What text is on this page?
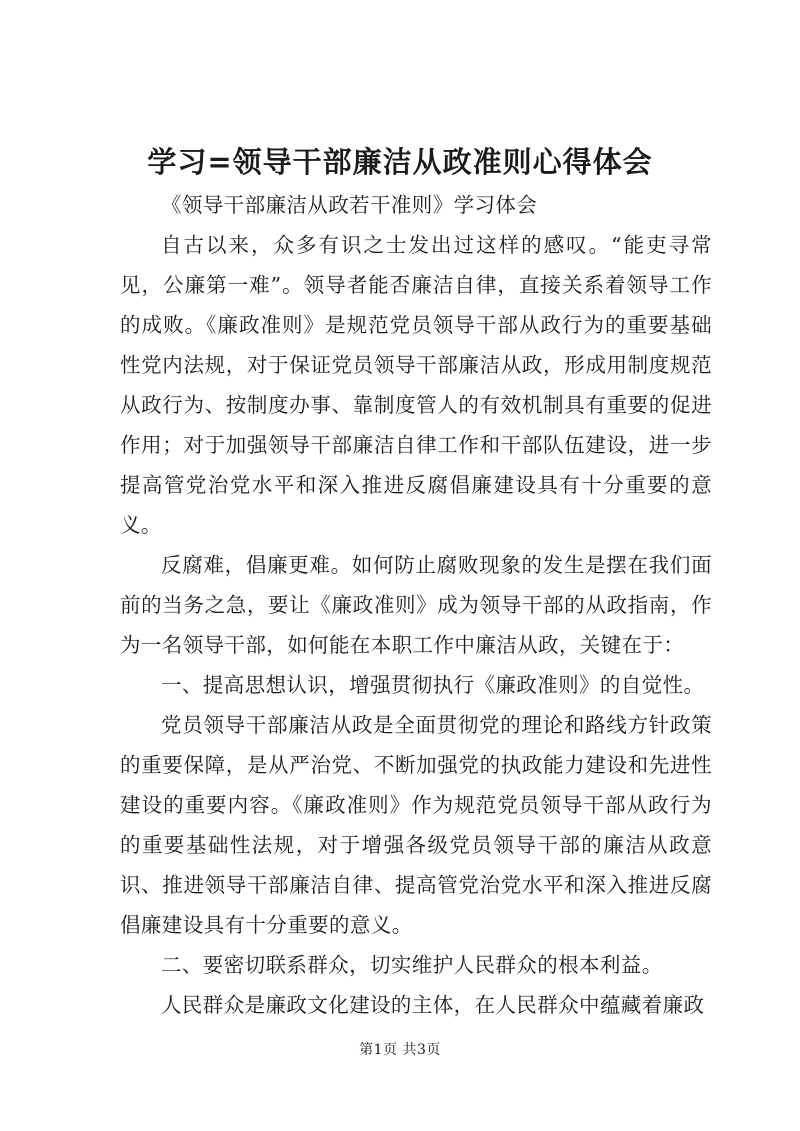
学习=领导干部廉洁从政准则心得体会

《领导干部廉洁从政若干准则》学习体会

自古以来，众多有识之士发出过这样的感叹。“能吏寻常见，公廉第一难”。领导者能否廉洁自律，直接关系着领导工作的成败。《廉政准则》是规范党员领导干部从政行为的重要基础性党内法规，对于保证党员领导干部廉洁从政，形成用制度规范从政行为、按制度办事、靠制度管人的有效机制具有重要的促进作用；对于加强领导干部廉洁自律工作和干部队伍建设，进一步提高管党治党水平和深入推进反腐倡廉建设具有十分重要的意义。

反腐难，倡廉更难。如何防止腐败现象的发生是摆在我们面前的当务之急，要让《廉政准则》成为领导干部的从政指南，作为一名领导干部，如何能在本职工作中廉洁从政，关键在于：

一、提高思想认识，增强贯彻执行《廉政准则》的自觉性。

党员领导干部廉洁从政是全面贯彻党的理论和路线方针政策的重要保障，是从严治党、不断加强党的执政能力建设和先进性建设的重要内容。《廉政准则》作为规范党员领导干部从政行为的重要基础性法规，对于增强各级党员领导干部的廉洁从政意识、推进领导干部廉洁自律、提高管党治党水平和深入推进反腐倡廉建设具有十分重要的意义。

二、要密切联系群众，切实维护人民群众的根本利益。

人民群众是廉政文化建设的主体，在人民群众中蕴藏着廉政

第1页 共3页
